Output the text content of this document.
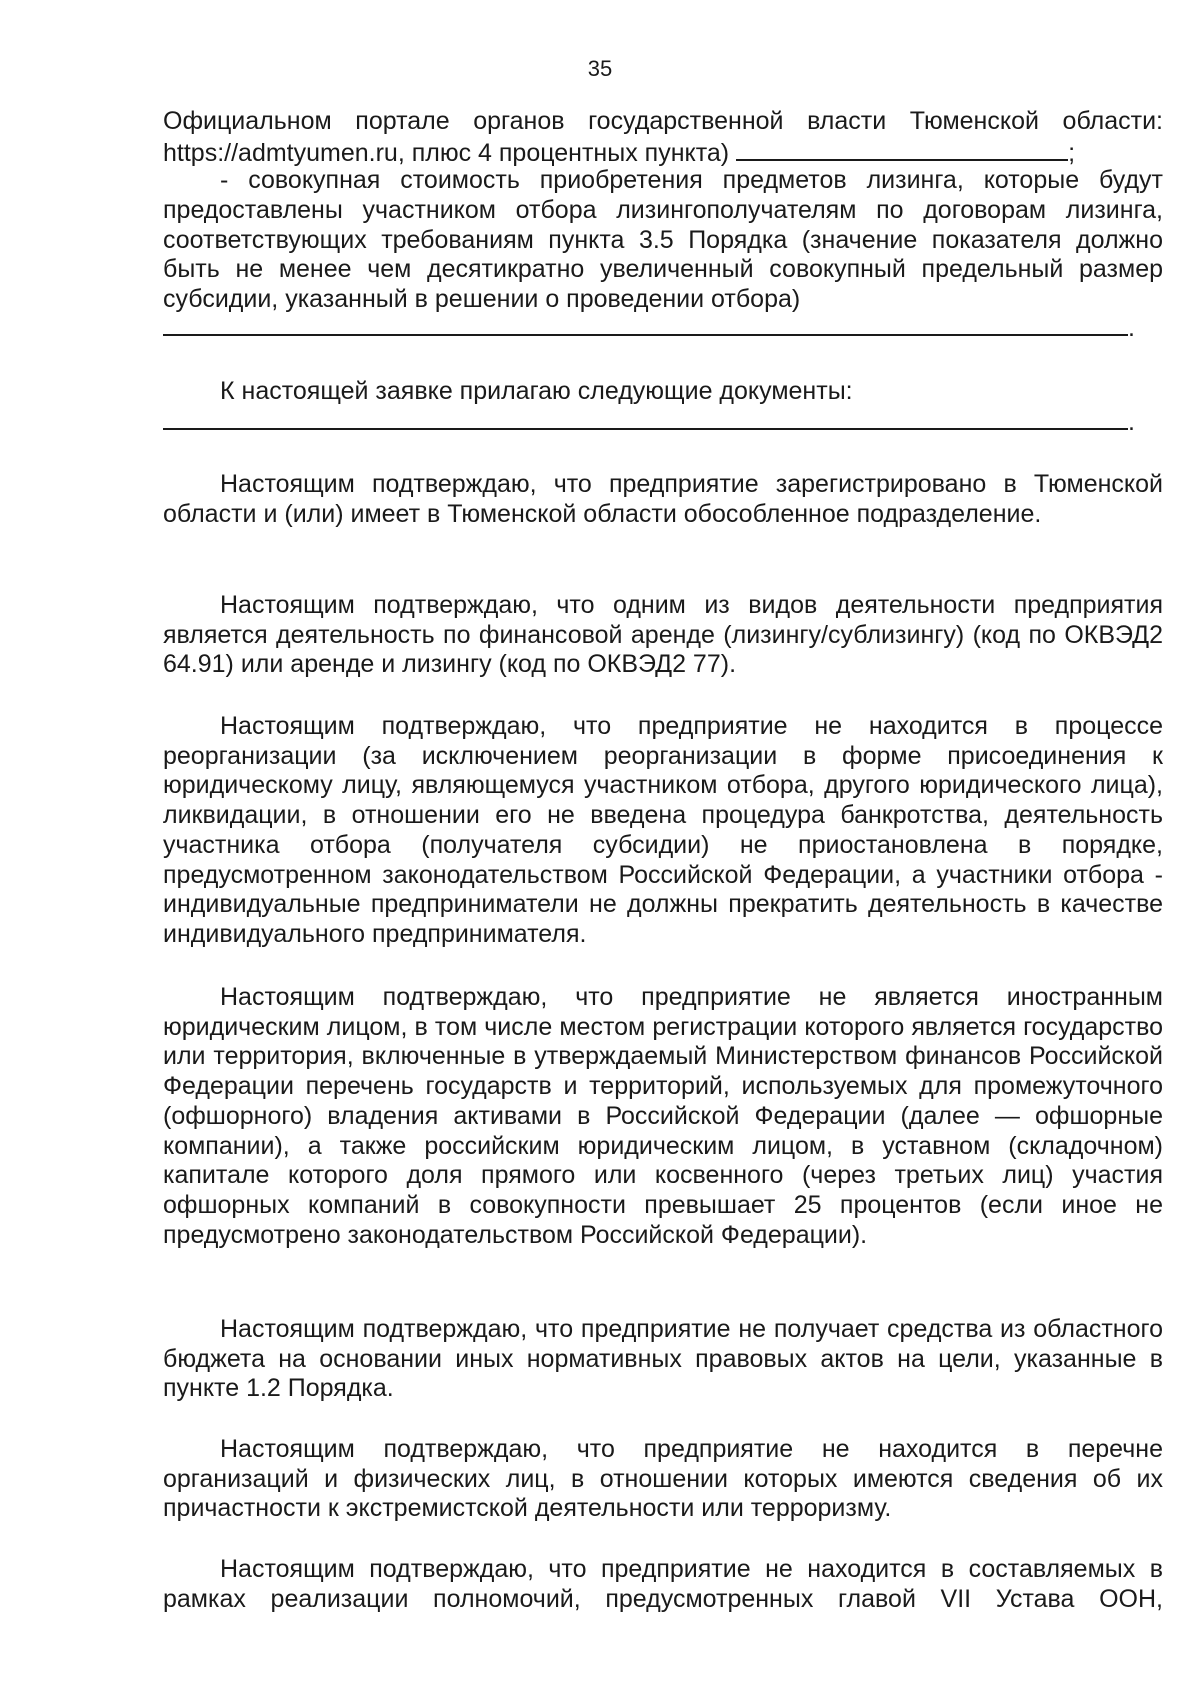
35

Официальном портале органов государственной власти Тюменской области:

https://admtyumen.ru, плюс 4 процентных пункта)	;

- совокупная стоимость приобретения предметов лизинга, которые будут

предоставлены участником отбора лизингополучателям по договорам лизинга, соответствующих требованиям пункта 3.5 Порядка (значение показателя должно быть не менее чем десятикратно увеличенный совокупный предельный размер субсидии, указанный в решении о проведении отбора)

.

К настоящей заявке прилагаю следующие документы:

.

Настоящим подтверждаю, что предприятие зарегистрировано в Тюменской области и (или) имеет в Тюменской области обособленное подразделение.

Настоящим подтверждаю, что одним из видов деятельности предприятия является деятельность по финансовой аренде (лизингу/сублизингу) (код по ОКВЭД2 64.91) или аренде и лизингу (код по ОКВЭД2 77).

Настоящим подтверждаю, что предприятие не находится в процессе реорганизации (за исключением реорганизации в форме присоединения к юридическому лицу, являющемуся участником отбора, другого юридического лица), ликвидации, в отношении его не введена процедура банкротства, деятельность участника отбора (получателя субсидии) не приостановлена в порядке, предусмотренном законодательством Российской Федерации, а участники отбора - индивидуальные предприниматели не должны прекратить деятельность в качестве индивидуального предпринимателя.

Настоящим подтверждаю, что предприятие не является иностранным юридическим лицом, в том числе местом регистрации которого является государство или территория, включенные в утверждаемый Министерством финансов Российской Федерации перечень государств и территорий, используемых для промежуточного (офшорного) владения активами в Российской Федерации (далее — офшорные компании), а также российским юридическим лицом, в уставном (складочном) капитале которого доля прямого или косвенного (через третьих лиц) участия офшорных компаний в совокупности превышает 25 процентов (если иное не предусмотрено законодательством Российской Федерации).

Настоящим подтверждаю, что предприятие не получает средства из областного бюджета на основании иных нормативных правовых актов на цели, указанные в пункте 1.2 Порядка.

Настоящим подтверждаю, что предприятие не находится в перечне организаций и физических лиц, в отношении которых имеются сведения об их причастности к экстремистской деятельности или терроризму.

Настоящим подтверждаю, что предприятие не находится в составляемых в рамках реализации полномочий, предусмотренных главой VII Устава ООН,
